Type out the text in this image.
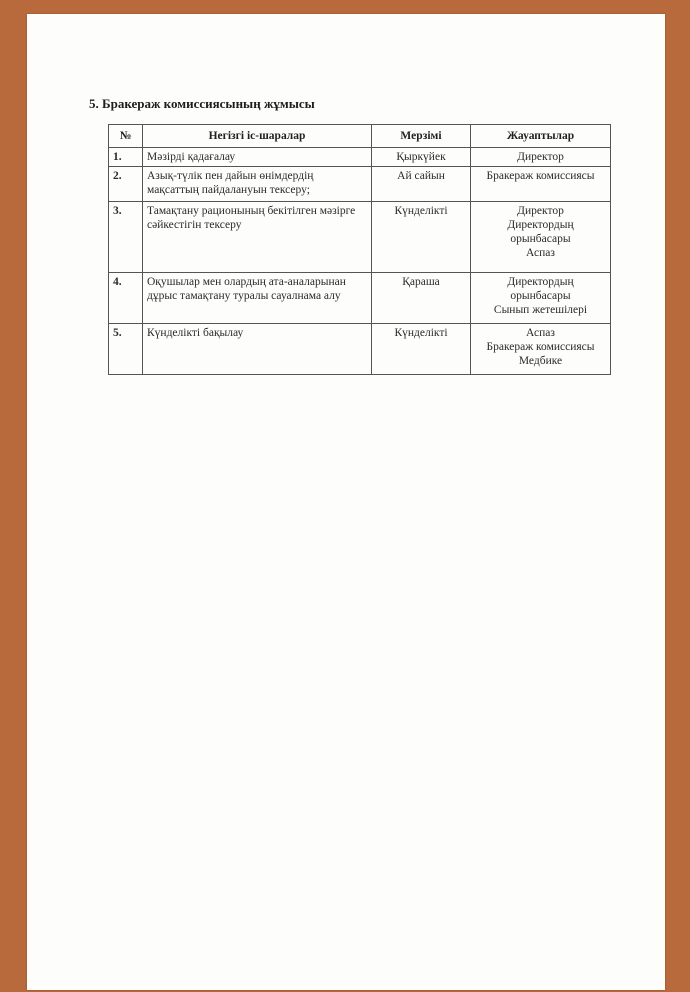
5. Бракераж комиссиясының жұмысы
№	Негізгі іс-шаралар	Мерзімі	Жауаптылар
1.	Мәзірді қадағалау	Қыркүйек	Директор

2.	Азық-түлік пен дайын өнімдердің мақсаттың пайдалануын тексеру;	Ай сайын	Бракераж комиссиясы

3.	Тамақтану рационының бекітілген мәзірге сәйкестігін тексеру	Күнделікті	Директор
Директордың
орынбасары
Аспаз

4.	Оқушылар мен олардың ата-аналарынан дұрыс тамақтану туралы сауалнама алу	Қараша	Директордың
орынбасары
Сынып жетешілері

5.	Күнделікті бақылау	Күнделікті	Аспаз
Бракераж комиссиясы
Медбике
